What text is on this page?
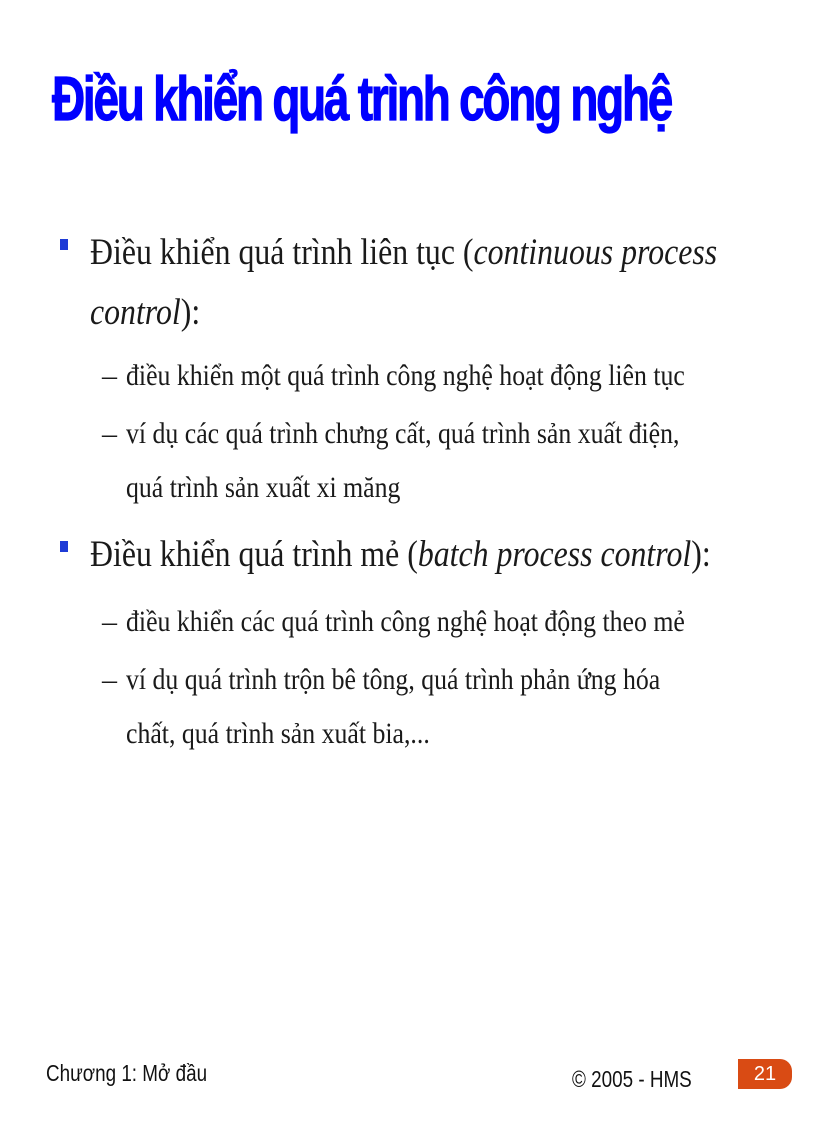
Điều khiển quá trình công nghệ
Điều khiển quá trình liên tục (continuous process
control):
– điều khiển một quá trình công nghệ hoạt động liên tục
– ví dụ các quá trình chưng cất, quá trình sản xuất điện,
quá trình sản xuất xi măng
Điều khiển quá trình mẻ (batch process control):
– điều khiển các quá trình công nghệ hoạt động theo mẻ
– ví dụ quá trình trộn bê tông, quá trình phản ứng hóa
chất, quá trình sản xuất bia,...
Chương 1: Mở đầu	© 2005 - HMS	21
